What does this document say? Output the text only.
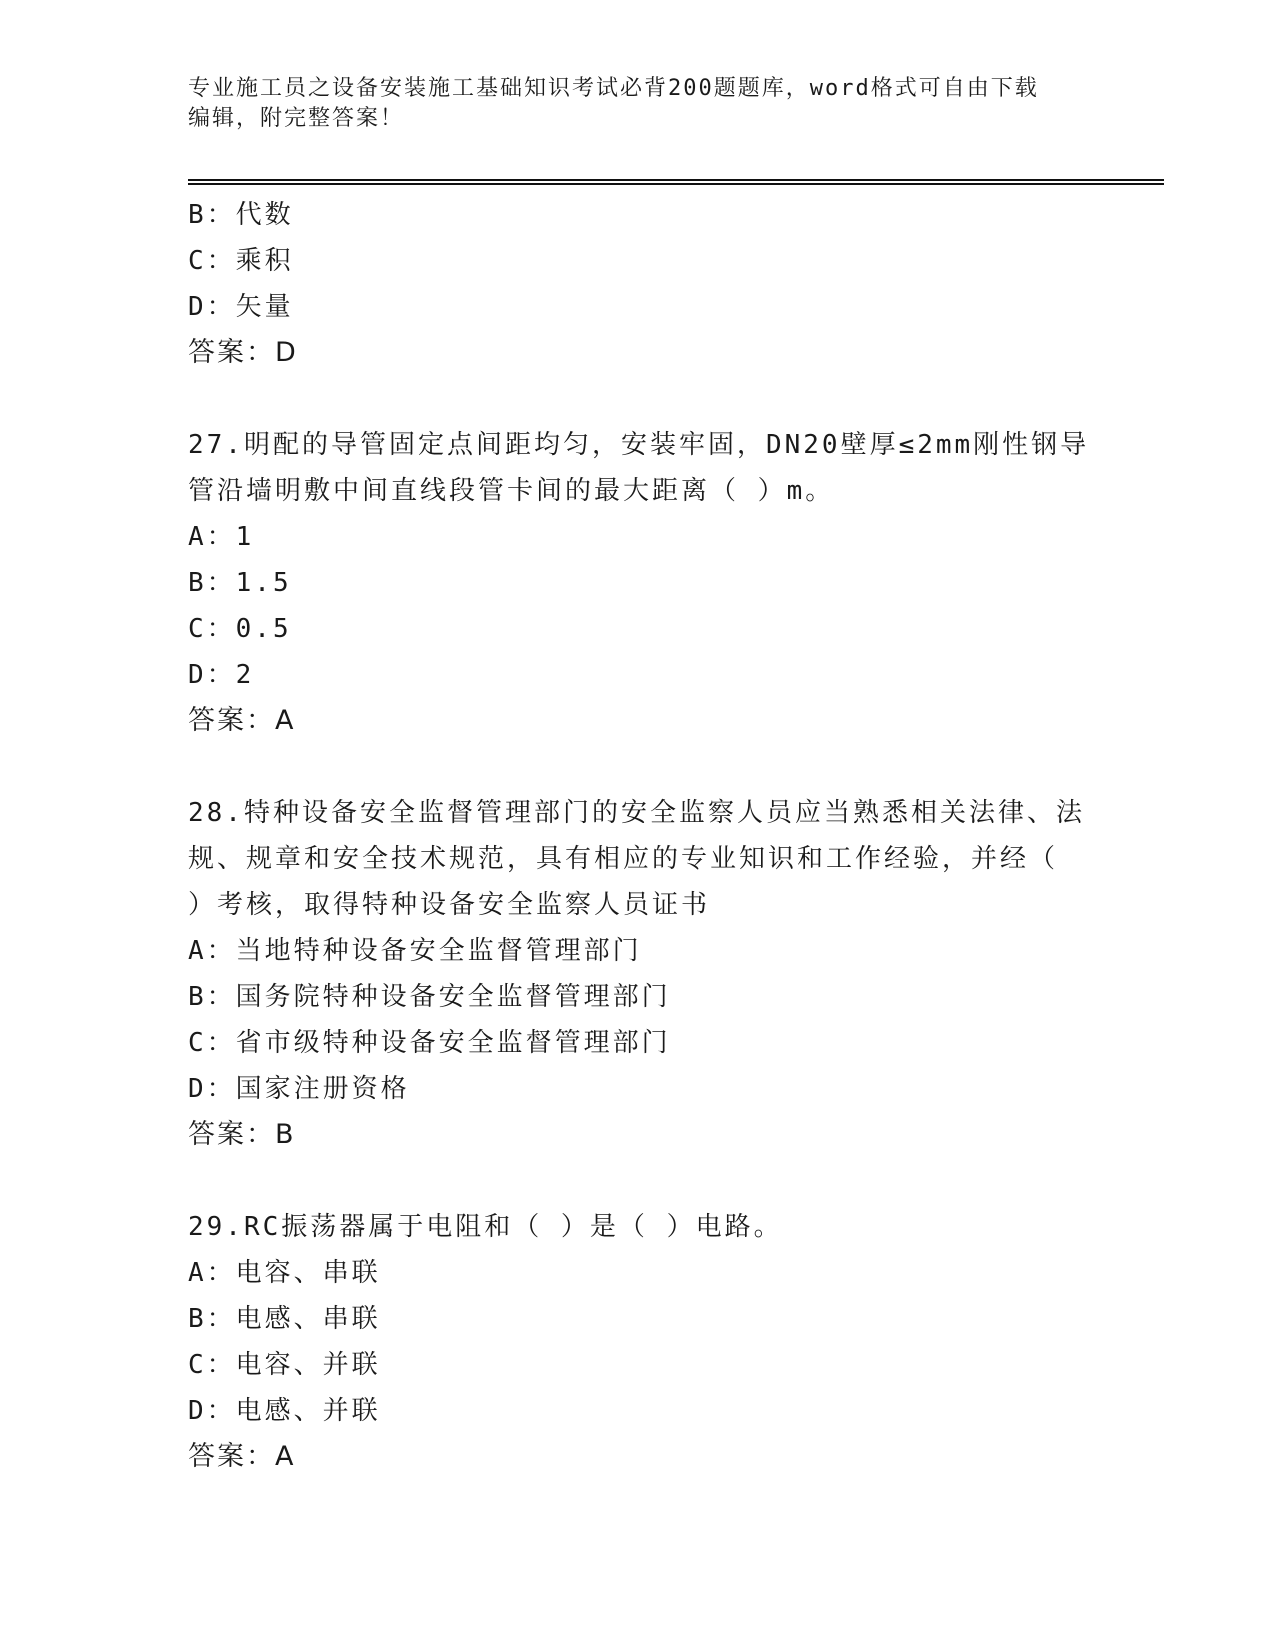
专业施工员之设备安装施工基础知识考试必背200题题库，word格式可自由下载
编辑，附完整答案！
B：代数
C：乘积
D：矢量
答案：D
27.明配的导管固定点间距均匀，安装牢固，DN20壁厚≤2mm刚性钢导
管沿墙明敷中间直线段管卡间的最大距离（ ）m。
A：1
B：1.5
C：0.5
D：2
答案：A
28.特种设备安全监督管理部门的安全监察人员应当熟悉相关法律、法
规、规章和安全技术规范，具有相应的专业知识和工作经验，并经（
）考核，取得特种设备安全监察人员证书
A：当地特种设备安全监督管理部门
B：国务院特种设备安全监督管理部门
C：省市级特种设备安全监督管理部门
D：国家注册资格
答案：B
29.RC振荡器属于电阻和（ ）是（ ）电路。
A：电容、串联
B：电感、串联
C：电容、并联
D：电感、并联
答案：A
